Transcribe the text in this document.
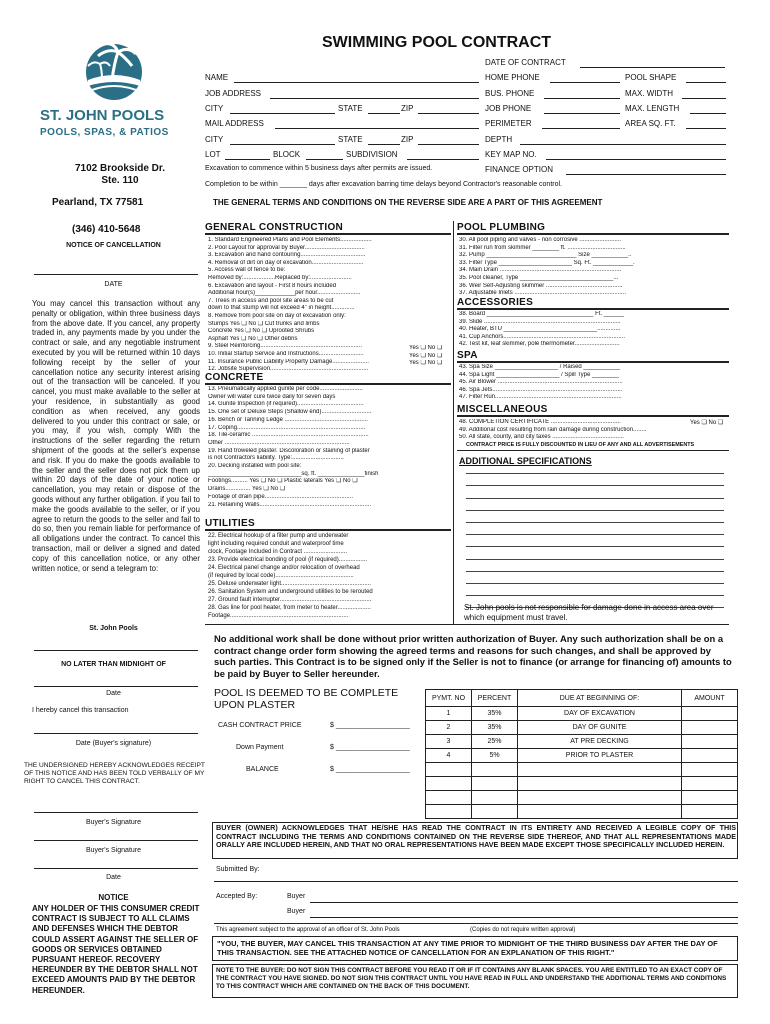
ST. JOHN POOLS
POOLS, SPAS, & PATIOS
7102 Brookside Dr.
Ste. 110
Pearland, TX 77581
(346) 410-5648
SWIMMING POOL CONTRACT
DATE OF CONTRACT
NAME	HOME PHONE	POOL SHAPE
JOB ADDRESS	BUS. PHONE	MAX. WIDTH
CITY	STATE	ZIP	JOB PHONE	MAX. LENGTH
MAIL ADDRESS	PERIMETER	AREA SQ. FT.
CITY	STATE	ZIP	DEPTH
LOT	BLOCK	SUBDIVISION	KEY MAP NO.
Excavation to commence within 5 business days after permits are issued.	FINANCE OPTION
Completion to be within _______ days after excavation barring time delays beyond Contractor's reasonable control.
THE GENERAL TERMS AND CONDITIONS ON THE REVERSE SIDE ARE A PART OF THIS AGREEMENT
NOTICE OF CANCELLATION
DATE
You may cancel this transaction without any penalty or obligation, within three business days from the above date. If you cancel, any property traded in, any payments made by you under the contract or sale, and any negotiable instrument executed by you will be returned within 10 days following receipt by the seller of your cancellation notice any security interest arising out of the transaction will be canceled. If you cancel, you must make available to the seller at your residence, in substantially as good condition as when received, any goods delivered to you under this contract or sale, or you may, if you wish, comply With the instructions of the seller regarding the return shipment of the goods at the seller's expense and risk. If you do make the goods available to the seller and the seller does not pick them up within 20 days of the date of your notice or cancellation, you may retain or dispose of the goods without any further obligation. if you fail to make the goods available to the seller, or if you agree to return the goods to the seller and fail to do so, then you remain liable for performance of all obligations under the contract. To cancel this transaction, mail or deliver a signed and dated copy of this cancellation notice, or any other written notice, or send a telegram to:
St. John Pools
NO LATER THAN MIDNIGHT OF
Date
I hereby cancel this transaction
Date (Buyer's signature)
THE UNDERSIGNED HEREBY ACKNOWLEDGES RECEIPT OF THIS NOTICE AND HAS BEEN TOLD VERBALLY OF MY RIGHT TO CANCEL THIS CONTRACT.
Buyer's Signature
Buyer's Signature
Date
NOTICE
ANY HOLDER OF THIS CONSUMER CREDIT CONTRACT IS SUBJECT TO ALL CLAIMS AND DEFENSES WHICH THE DEBTOR COULD ASSERT AGAINST THE SELLER OF GOODS OR SERVICES OBTAINED PURSUANT HEREOF. RECOVERY HEREUNDER BY THE DEBTOR SHALL NOT EXCEED AMOUNTS PAID BY THE DEBTOR HEREUNDER.
GENERAL CONSTRUCTION
1. Standard Engineered Plans and Pool Elements...................
2. Pool Layout for approval by Buyer....................................
3. Excavation and hand contouring.......................................
4. Removal of dirt on day of excavation...............................
5. Access wall of fence to be:
Removed by:...................Replaced by:.........................
6. Excavation and layout - First 8 hours included
Additional hour(s)____________per hour..........................
7. Trees in access and pool site areas to be cut
down to that stump will not exceed 4" in height..............
8. Remove from pool site on day of excavation only:
Stumps Yes ❏ No ❏ Cut trunks and limbs
Concrete Yes ❏ No ❏ Uprooted Shrubs
Asphalt Yes ❏ No ❏ Other debris
9. Steel Reinforcing.............................................................
10. Initial Startup Service and Instructions...........................
11. Insurance Public Liability Property Damage......................
12. Jobsite Supervision...........................................................
Yes ❏ No ❏
Yes ❏ No ❏
Yes ❏ No ❏
CONCRETE
13. Pneumatically applied gunite per code..........................
Owner will water cure twice daily for seven days
14. Gunite Inspection (if required)........................................
15. One set of Deluxe Steps (Shallow end)..............................
16. Bench or Tanning Ledge ..................................................
17. Coping.............................................................................
18. Tile-ceramic ......................................................................
Other ...........................................................................
19. Hand troweled plaster. Discoloration or staining of plaster
is not Contractors liability. Type:...............................
20. Decking installed with pool site:
____________________________sq. ft. ______________finish
Footings.......... Yes ❏ No ❏ Plastic laterals Yes ❏ No ❏
Drains............... Yes ❏ No ❏
Footage of drain pipe.....................................................
21. Retaining Walls...................................................................
UTILITIES
22. Electrical hookup of a filter pump and underwater
light including required conduit and waterproof time
clock, Footage Included in Contract ..........................
23. Provide electrical bonding of pool (if required).................
24. Electrical panel change and/or relocation of overhead
(if required by local code)...............................................
25. Deluxe underwater light......................................................
26. Sanitation System and underground utilities to be rerouted
27. Ground fault interrupter.......................................................
28. Gas line for pool heater, from meter to heater....................
Footage.......................................................................
POOL PLUMBING
30. All pool piping and valves - non corrosive .........................
31. Filter run from skimmer ________ ft. ...................................
32. Pump ___________________________ Size ___________..
33. Filter Type ______________________ Sq. Ft. ____________.
34. Main Drain .........................................................................
35. Pool cleaner, Type ____________________________...
36. Weir Self-Adjusting skimmer ..............................................
37. Adjustable Inlets ...................................................................
ACCESSORIES
38. Board ________________________________ Ft. ______
39. Slide ..................................................................................
40. Heater, BTU ____________________________..............
41. Cup Anchors.........................................................................
42. Test kit, leaf skimmer, pole thermometer...........................
SPA
43. Spa Size ___________________ / Raised ___________
44. Spa Light ___________________ / Spill Type ________
45. Air Blower ...........................................................................
46. Spa Jets..............................................................................
47. Filter Run............................................................................
MISCELLANEOUS
48. COMPLETION CERTIFICATE ..........................................
49. Additional cost resulting from rain damage during construction........
50. All state, county, and city taxes ...........................................
Yes ❏ No ❏
CONTRACT PRICE IS FULLY DISCOUNTED IN LIEU OF ANY AND ALL ADVERTISEMENTS
ADDITIONAL SPECIFICATIONS
St. John pools is not responsible for damage done in access area over which equipment must travel.
No additional work shall be done without prior written authorization of Buyer. Any such authorization shall be on a contract change order form showing the agreed terms and reasons for such changes, and shall be approved by such parties. This Contract is to be signed only if the Seller is not to finance (or arrange for financing of) amounts to be paid by Buyer to Seller hereunder.
POOL IS DEEMED TO BE COMPLETE UPON PLASTER
CASH CONTRACT PRICE	$ ___________________
Down Payment	$ ___________________
BALANCE	$ ___________________
PYMT. NO	PERCENT	DUE AT BEGINNING OF:	AMOUNT
1	35%	DAY OF EXCAVATION	
2	35%	DAY OF GUNITE	
3	25%	AT PRE DECKING	
4	5%	PRIOR TO PLASTER	

BUYER (OWNER) ACKNOWLEDGES THAT HE/SHE HAS READ THE CONTRACT IN ITS ENTIRETY AND RECEIVED A LEGIBLE COPY OF THIS CONTRACT INCLUDING THE TERMS AND CONDITIONS CONTAINED ON THE REVERSE SIDE THEREOF, AND THAT ALL REPRESENTATIONS MADE ORALLY ARE INCLUDED HEREIN, AND THAT NO ORAL REPRESENTATIONS HAVE BEEN MADE EXCEPT THOSE SPECIFICALLY INCLUDED HEREIN.
Submitted By:
Accepted By:	Buyer
Buyer
This agreement subject to the approval of an officer of St. John Pools	(Copies do not require written approval)
"YOU, THE BUYER, MAY CANCEL THIS TRANSACTION AT ANY TIME PRIOR TO MIDNIGHT OF THE THIRD BUSINESS DAY AFTER THE DAY OF THIS TRANSACTION. SEE THE ATTACHED NOTICE OF CANCELLATION FOR AN EXPLANATION OF THIS RIGHT."
NOTE TO THE BUYER: DO NOT SIGN THIS CONTRACT BEFORE YOU READ IT OR IF IT CONTAINS ANY BLANK SPACES. YOU ARE ENTITLED TO AN EXACT COPY OF THE CONTRACT YOU HAVE SIGNED. DO NOT SIGN THIS CONTRACT UNTIL YOU HAVE READ IN FULL AND UNDERSTAND THE ADDITIONAL TERMS AND CONDITIONS TO THIS CONTRACT WHICH ARE CONTAINED ON THE BACK OF THIS DOCUMENT.
